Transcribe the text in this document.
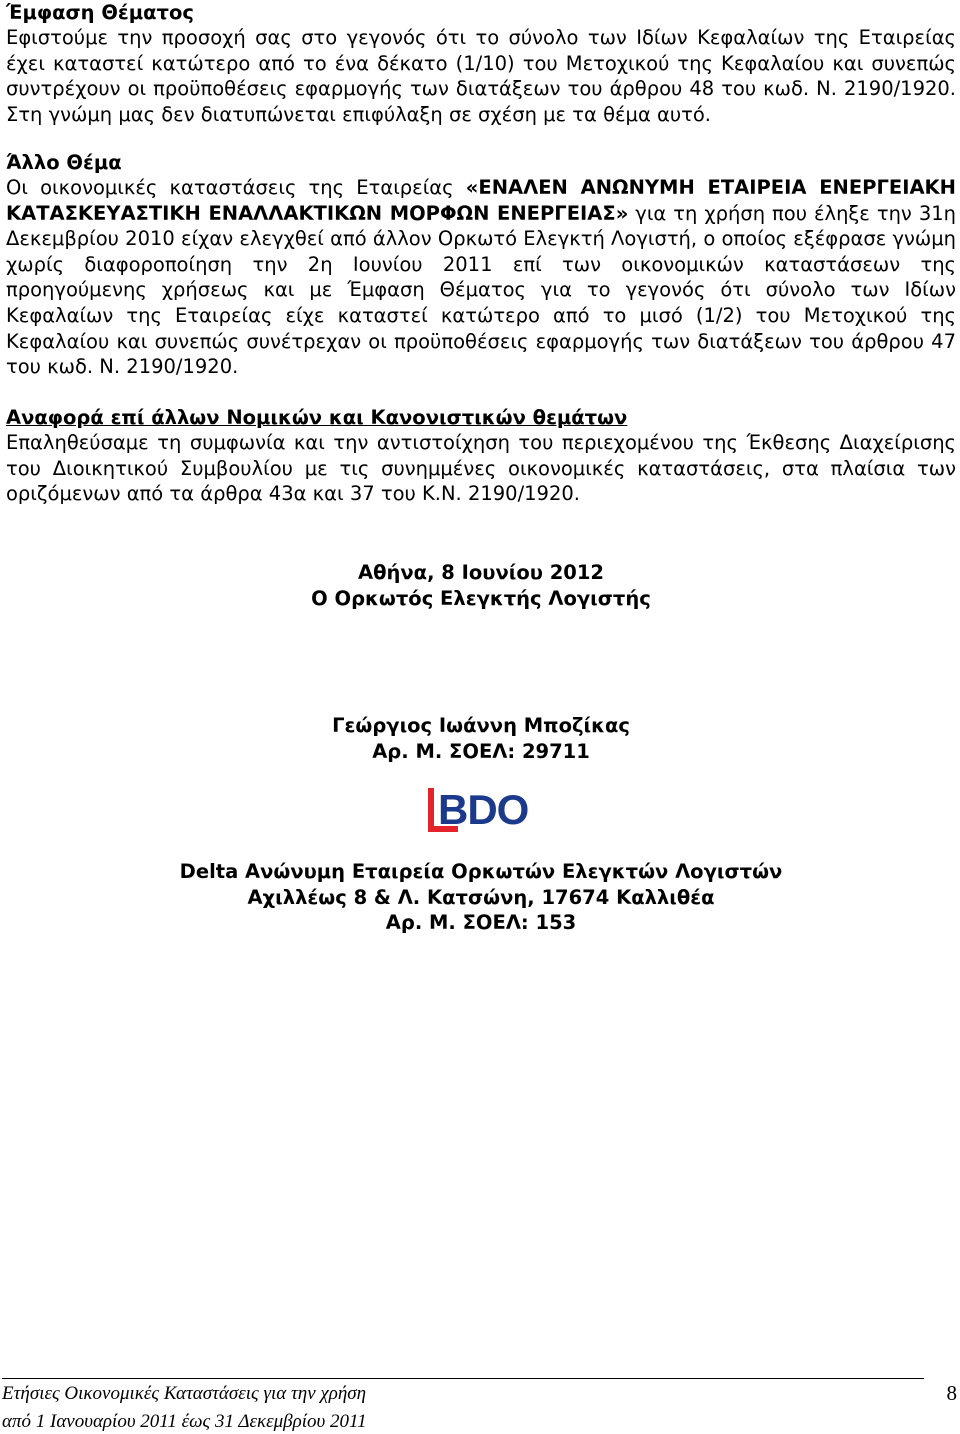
Έμφαση Θέματος

Εφιστούμε την προσοχή σας στο γεγονός ότι το σύνολο των Ιδίων Κεφαλαίων της Εταιρείας έχει καταστεί κατώτερο από το ένα δέκατο (1/10) του Μετοχικού της Κεφαλαίου και συνεπώς συντρέχουν οι προϋποθέσεις εφαρμογής των διατάξεων του άρθρου 48 του κωδ. Ν. 2190/1920. Στη γνώμη μας δεν διατυπώνεται επιφύλαξη σε σχέση με τα θέμα αυτό.

Άλλο Θέμα

Οι οικονομικές καταστάσεις της Εταιρείας «ΕΝΑΛΕΝ ΑΝΩΝΥΜΗ ΕΤΑΙΡΕΙΑ ΕΝΕΡΓΕΙΑΚΗ ΚΑΤΑΣΚΕΥΑΣΤΙΚΗ ΕΝΑΛΛΑΚΤΙΚΩΝ ΜΟΡΦΩΝ ΕΝΕΡΓΕΙΑΣ» για τη χρήση που έληξε την 31η Δεκεμβρίου 2010 είχαν ελεγχθεί από άλλον Ορκωτό Ελεγκτή Λογιστή, ο οποίος εξέφρασε γνώμη χωρίς διαφοροποίηση την 2η Ιουνίου 2011 επί των οικονομικών καταστάσεων της προηγούμενης χρήσεως και με Έμφαση Θέματος για το γεγονός ότι σύνολο των Ιδίων Κεφαλαίων της Εταιρείας είχε καταστεί κατώτερο από το μισό (1/2) του Μετοχικού της Κεφαλαίου και συνεπώς συνέτρεχαν οι προϋποθέσεις εφαρμογής των διατάξεων του άρθρου 47 του κωδ. Ν. 2190/1920.

Αναφορά επί άλλων Νομικών και Κανονιστικών θεμάτων

Επαληθεύσαμε τη συμφωνία και την αντιστοίχηση του περιεχομένου της Έκθεσης Διαχείρισης του Διοικητικού Συμβουλίου με τις συνημμένες οικονομικές καταστάσεις, στα πλαίσια των οριζόμενων από τα άρθρα 43α και 37 του Κ.Ν. 2190/1920.

Αθήνα, 8 Ιουνίου 2012
Ο Ορκωτός Ελεγκτής Λογιστής
Γεώργιος Ιωάννη Μποζίκας
Αρ. Μ. ΣΟΕΛ: 29711
BDO
Delta Ανώνυμη Εταιρεία Ορκωτών Ελεγκτών Λογιστών
Αχιλλέως 8 & Λ. Κατσώνη, 17674 Καλλιθέα
Αρ. Μ. ΣΟΕΛ: 153
Ετήσιες Οικονομικές Καταστάσεις για την χρήση
από 1 Ιανουαρίου 2011 έως 31 Δεκεμβρίου 2011
8
